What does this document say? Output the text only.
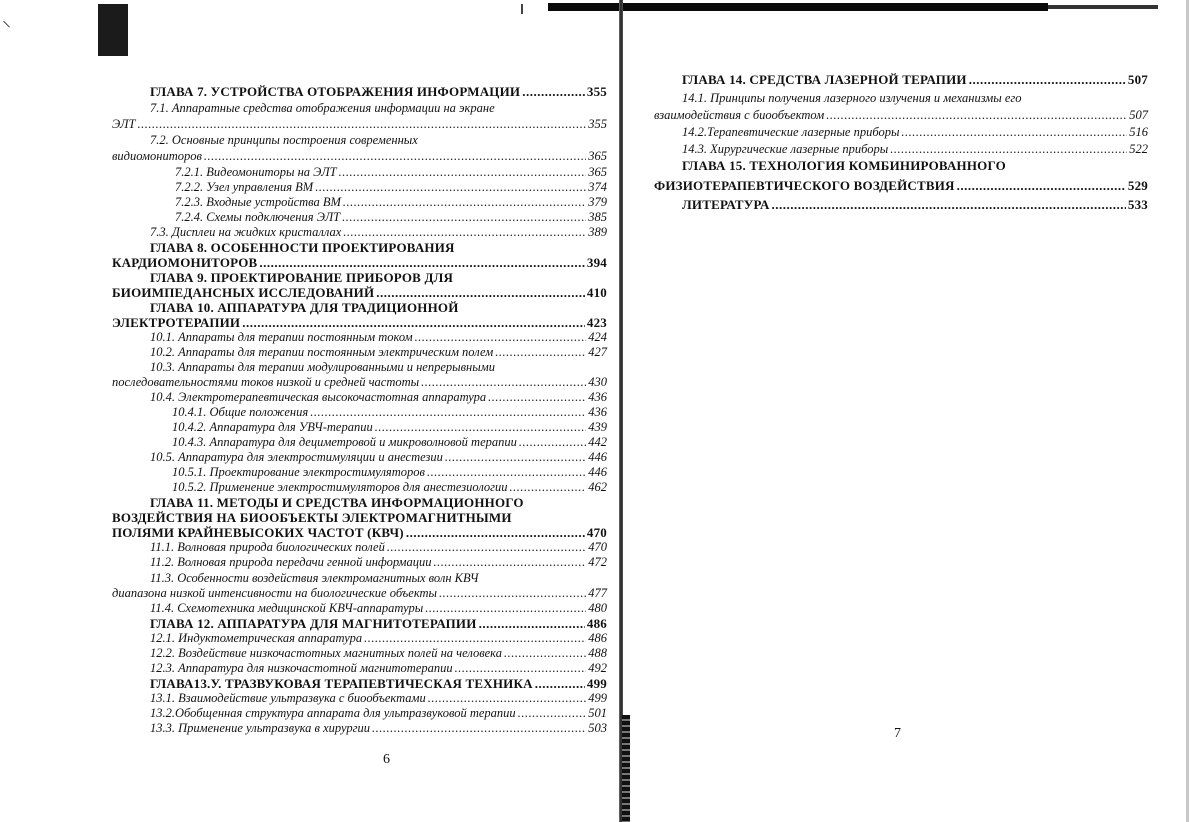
⸜
ГЛАВА 7. УСТРОЙСТВА ОТОБРАЖЕНИЯ ИНФОРМАЦИИ .....	355
7.1. Аппаратные средства отображения информации на экране
ЭЛТ .....	355
7.2. Основные принципы построения современных
видиомониторов .....	365
7.2.1. Видеомониторы на ЭЛТ .....	365
7.2.2. Узел управления ВМ .....	374
7.2.3. Входные устройства ВМ .....	379
7.2.4. Схемы подключения ЭЛТ .....	385
7.3. Дисплеи на жидких кристаллах .....	389
ГЛАВА 8. ОСОБЕННОСТИ ПРОЕКТИРОВАНИЯ
КАРДИОМОНИТОРОВ .....	394
ГЛАВА 9. ПРОЕКТИРОВАНИЕ ПРИБОРОВ ДЛЯ
БИОИМПЕДАНСНЫХ ИССЛЕДОВАНИЙ .....	410
ГЛАВА 10. АППАРАТУРА ДЛЯ ТРАДИЦИОННОЙ
ЭЛЕКТРОТЕРАПИИ .....	423
10.1. Аппараты для терапии постоянным током .....	424
10.2. Аппараты для терапии постоянным электрическим полем .....	427
10.3. Аппараты для терапии модулированными и непрерывными
последовательностями токов низкой и средней частоты .....	430
10.4. Электротерапевтическая высокочастотная аппаратура .....	436
10.4.1. Общие положения .....	436
10.4.2. Аппаратура для УВЧ-терапии .....	439
10.4.3. Аппаратура для дециметровой и микроволновой терапии .....	442
10.5. Аппаратура для электростимуляции и анестезии .....	446
10.5.1. Проектирование электростимуляторов .....	446
10.5.2. Применение электростимуляторов для анестезиологии .....	462
ГЛАВА 11. МЕТОДЫ И СРЕДСТВА ИНФОРМАЦИОННОГО
ВОЗДЕЙСТВИЯ НА БИООБЪЕКТЫ ЭЛЕКТРОМАГНИТНЫМИ
ПОЛЯМИ КРАЙНЕВЫСОКИХ ЧАСТОТ (КВЧ) .....	470
11.1. Волновая природа биологических полей .....	470
11.2. Волновая природа передачи генной информации .....	472
11.3. Особенности воздействия электромагнитных волн КВЧ
диапазона низкой интенсивности на биологические объекты .....	477
11.4. Схемотехника медицинской КВЧ-аппаратуры .....	480
ГЛАВА 12. АППАРАТУРА ДЛЯ МАГНИТОТЕРАПИИ .....	486
12.1. Индуктометрическая аппаратура .....	486
12.2. Воздействие низкочастотных магнитных полей на человека .....	488
12.3. Аппаратура для низкочастотной магнитотерапии .....	492
ГЛАВА13.У. ТРАЗВУКОВАЯ ТЕРАПЕВТИЧЕСКАЯ ТЕХНИКА .....	499
13.1. Взаимодействие ультразвука с биообъектами .....	499
13.2.Обобщенная структура аппарата для ультразвуковой терапии .....	501
13.3. Применение ультразвука в хирургии .....	503
6
ГЛАВА 14. СРЕДСТВА ЛАЗЕРНОЙ ТЕРАПИИ .....	507
14.1. Принципы получения лазерного излучения и механизмы его
взаимодействия с биообъектом .....	507
14.2.Терапевтические лазерные приборы .....	516
14.3. Хирургические лазерные приборы .....	522
ГЛАВА 15. ТЕХНОЛОГИЯ КОМБИНИРОВАННОГО
ФИЗИОТЕРАПЕВТИЧЕСКОГО ВОЗДЕЙСТВИЯ .....	529
ЛИТЕРАТУРА .....	533
7
